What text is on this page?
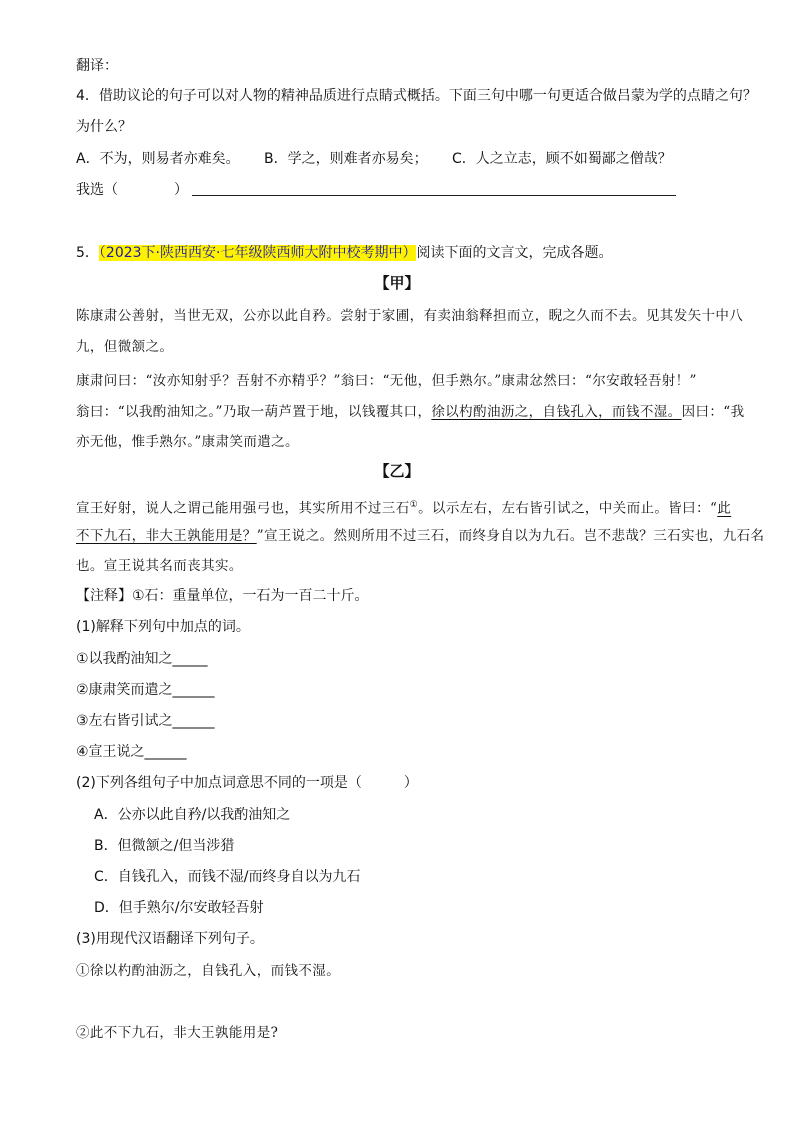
翻译：
4．借助议论的句子可以对人物的精神品质进行点睛式概括。下面三句中哪一句更适合做吕蒙为学的点睛之句？
为什么？
A．不为，则易者亦难矣。 B．学之，则难者亦易矣； C．人之立志，顾不如蜀鄙之僧哉？
我选（　　　　）
5．（2023下·陕西西安·七年级陕西师大附中校考期中）阅读下面的文言文，完成各题。
【甲】
陈康肃公善射，当世无双，公亦以此自矜。尝射于家圃，有卖油翁释担而立，睨之久而不去。见其发矢十中八
九，但微颔之。
康肃问曰：“汝亦知射乎？吾射不亦精乎？”翁曰：“无他，但手熟尔。”康肃忿然曰：“尔安敢轻吾射！”
翁曰：“以我酌油知之。”乃取一葫芦置于地，以钱覆其口，徐以杓酌油沥之，自钱孔入，而钱不湿。因曰：“我
亦无他，惟手熟尔。”康肃笑而遣之。
【乙】
宣王好射，说人之谓己能用强弓也，其实所用不过三石①。以示左右，左右皆引试之，中关而止。皆曰：“此
不下九石，非大王孰能用是？”宣王说之。然则所用不过三石，而终身自以为九石。岂不悲哉？三石实也，九石名
也。宣王说其名而丧其实。
【注释】①石：重量单位，一石为一百二十斤。
(1)解释下列句中加点的词。
①以我酌油知之_____
②康肃笑而遣之______
③左右皆引试之______
④宣王说之______
(2)下列各组句子中加点词意思不同的一项是（　　　）
A．公亦以此自矜/以我酌油知之
B．但微颔之/但当涉猎
C．自钱孔入，而钱不湿/而终身自以为九石
D．但手熟尔/尔安敢轻吾射
(3)用现代汉语翻译下列句子。
①徐以杓酌油沥之，自钱孔入，而钱不湿。
②此不下九石，非大王孰能用是?
